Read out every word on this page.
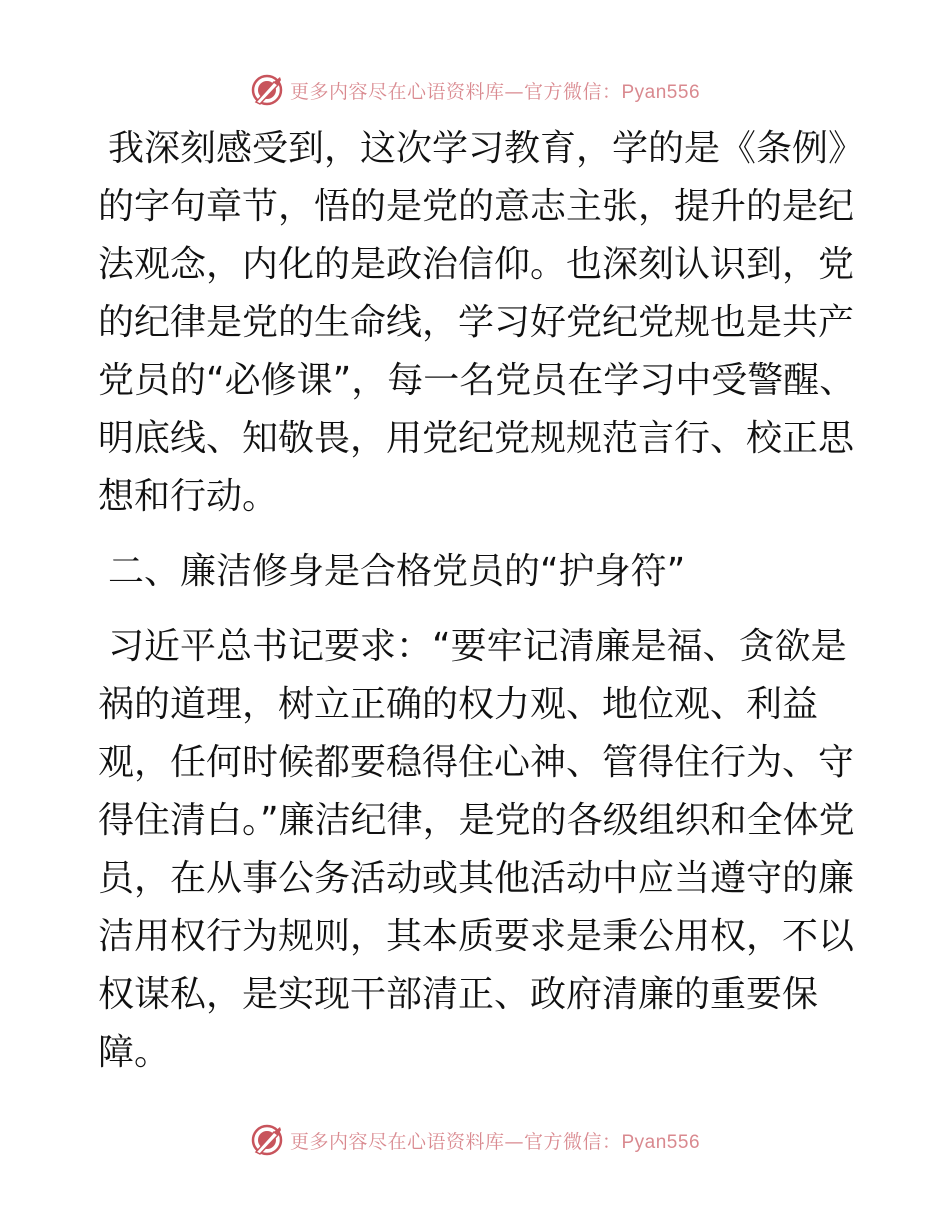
更多内容尽在心语资料库—官方微信：Pyan556

我深刻感受到，这次学习教育，学的是《条例》的字句章节，悟的是党的意志主张，提升的是纪法观念，内化的是政治信仰。也深刻认识到，党的纪律是党的生命线，学习好党纪党规也是共产党员的“必修课”，每一名党员在学习中受警醒、明底线、知敬畏，用党纪党规规范言行、校正思想和行动。

二、廉洁修身是合格党员的“护身符”

习近平总书记要求：“要牢记清廉是福、贪欲是祸的道理，树立正确的权力观、地位观、利益观，任何时候都要稳得住心神、管得住行为、守得住清白。”廉洁纪律，是党的各级组织和全体党员，在从事公务活动或其他活动中应当遵守的廉洁用权行为规则，其本质要求是秉公用权，不以权谋私，是实现干部清正、政府清廉的重要保障。

更多内容尽在心语资料库—官方微信：Pyan556
